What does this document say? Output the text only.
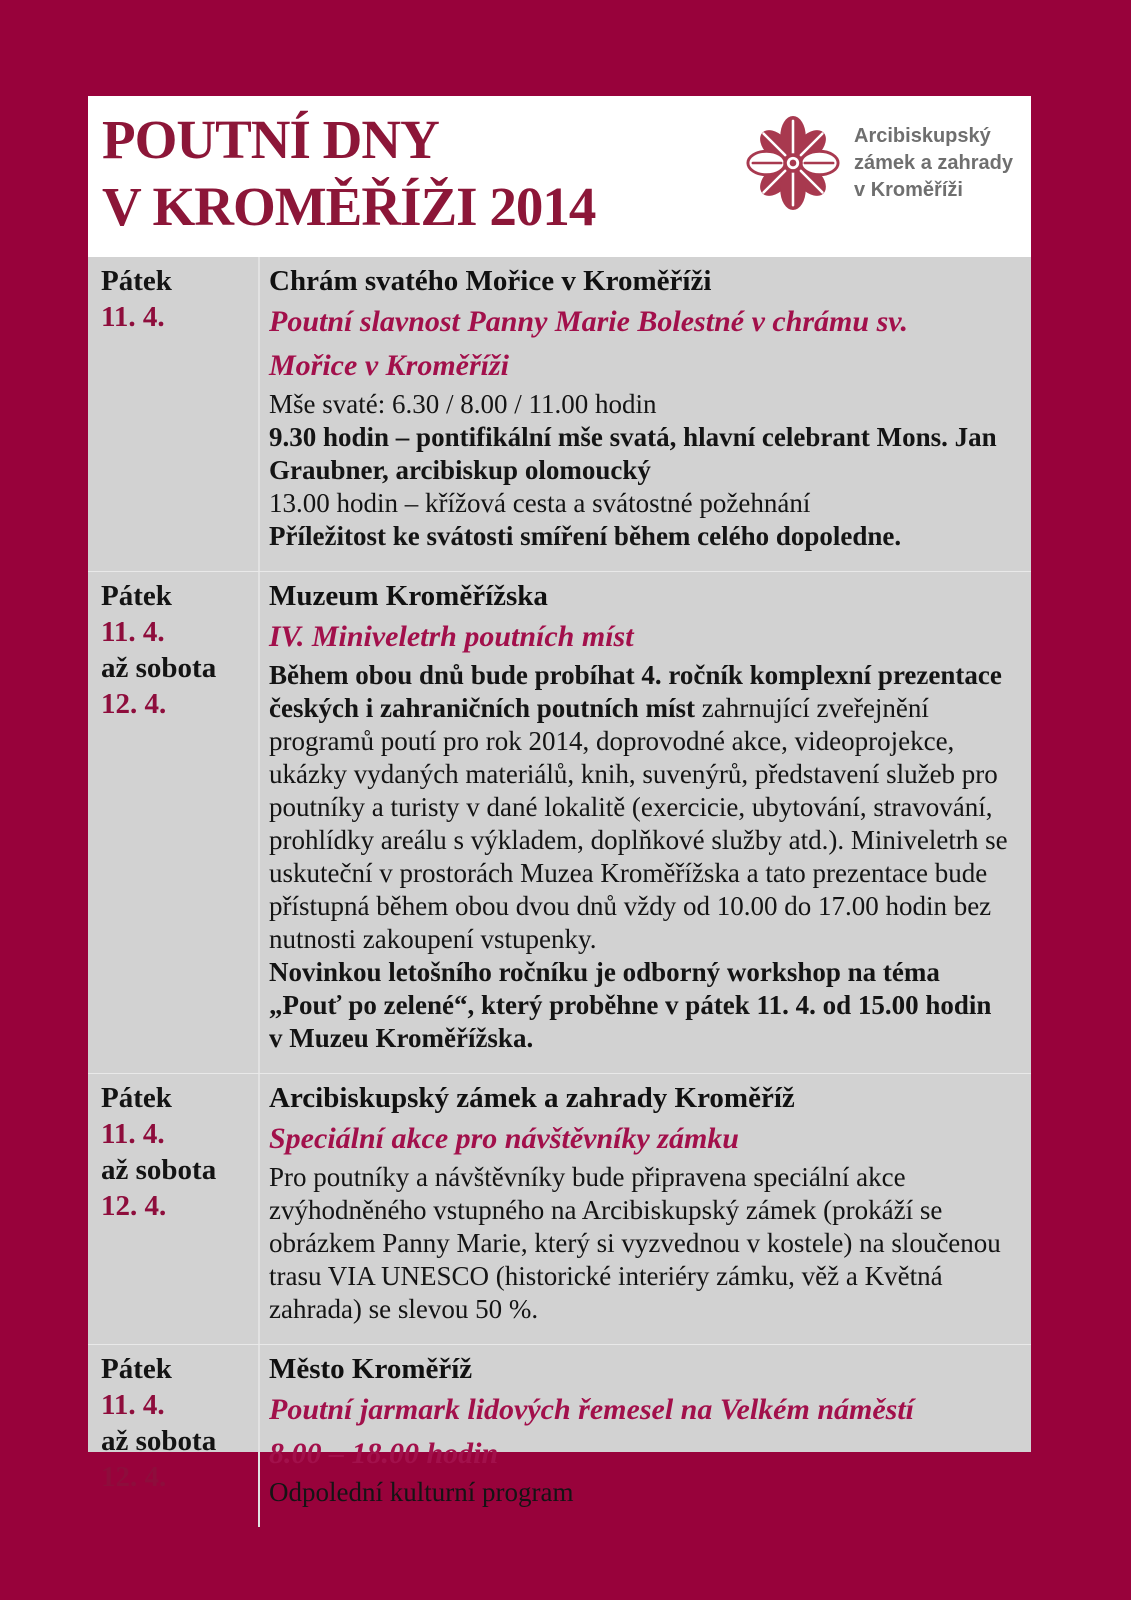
POUTNÍ DNY
V KROMĚŘÍŽI 2014
Arcibiskupský
zámek a zahrady
v Kroměříži
Pátek
11. 4.
Chrám svatého Mořice v Kroměříži
Poutní slavnost Panny Marie Bolestné v chrámu sv.
Mořice v Kroměříži

Mše svaté: 6.30 / 8.00 / 11.00 hodin

9.30 hodin – pontifikální mše svatá, hlavní celebrant Mons. Jan Graubner, arcibiskup olomoucký

13.00 hodin – křížová cesta a svátostné požehnání

Příležitost ke svátosti smíření během celého dopoledne.

Pátek
11. 4.
až sobota
12. 4.
Muzeum Kroměřížska
IV. Miniveletrh poutních míst

Během obou dnů bude probíhat 4. ročník komplexní prezentace českých i zahraničních poutních míst zahrnující zveřejnění programů poutí pro rok 2014, doprovodné akce, videoprojekce, ukázky vydaných materiálů, knih, suvenýrů, představení služeb pro poutníky a turisty v dané lokalitě (exercicie, ubytování, stravování, prohlídky areálu s výkladem, doplňkové služby atd.). Miniveletrh se uskuteční v prostorách Muzea Kroměřížska a tato prezentace bude přístupná během obou dvou dnů vždy od 10.00 do 17.00 hodin bez nutnosti zakoupení vstupenky.

Novinkou letošního ročníku je odborný workshop na téma „Pouť po zelené“, který proběhne v pátek 11. 4. od 15.00 hodin v Muzeu Kroměřížska.

Pátek
11. 4.
až sobota
12. 4.
Arcibiskupský zámek a zahrady Kroměříž
Speciální akce pro návštěvníky zámku

Pro poutníky a návštěvníky bude připravena speciální akce zvýhodněného vstupného na Arcibiskupský zámek (prokáží se obrázkem Panny Marie, který si vyzvednou v kostele) na sloučenou trasu VIA UNESCO (historické interiéry zámku, věž a Květná zahrada) se slevou 50 %.

Pátek
11. 4.
až sobota
12. 4.
Město Kroměříž
Poutní jarmark lidových řemesel na Velkém náměstí
8.00 – 18.00 hodin

Odpolední kulturní program
